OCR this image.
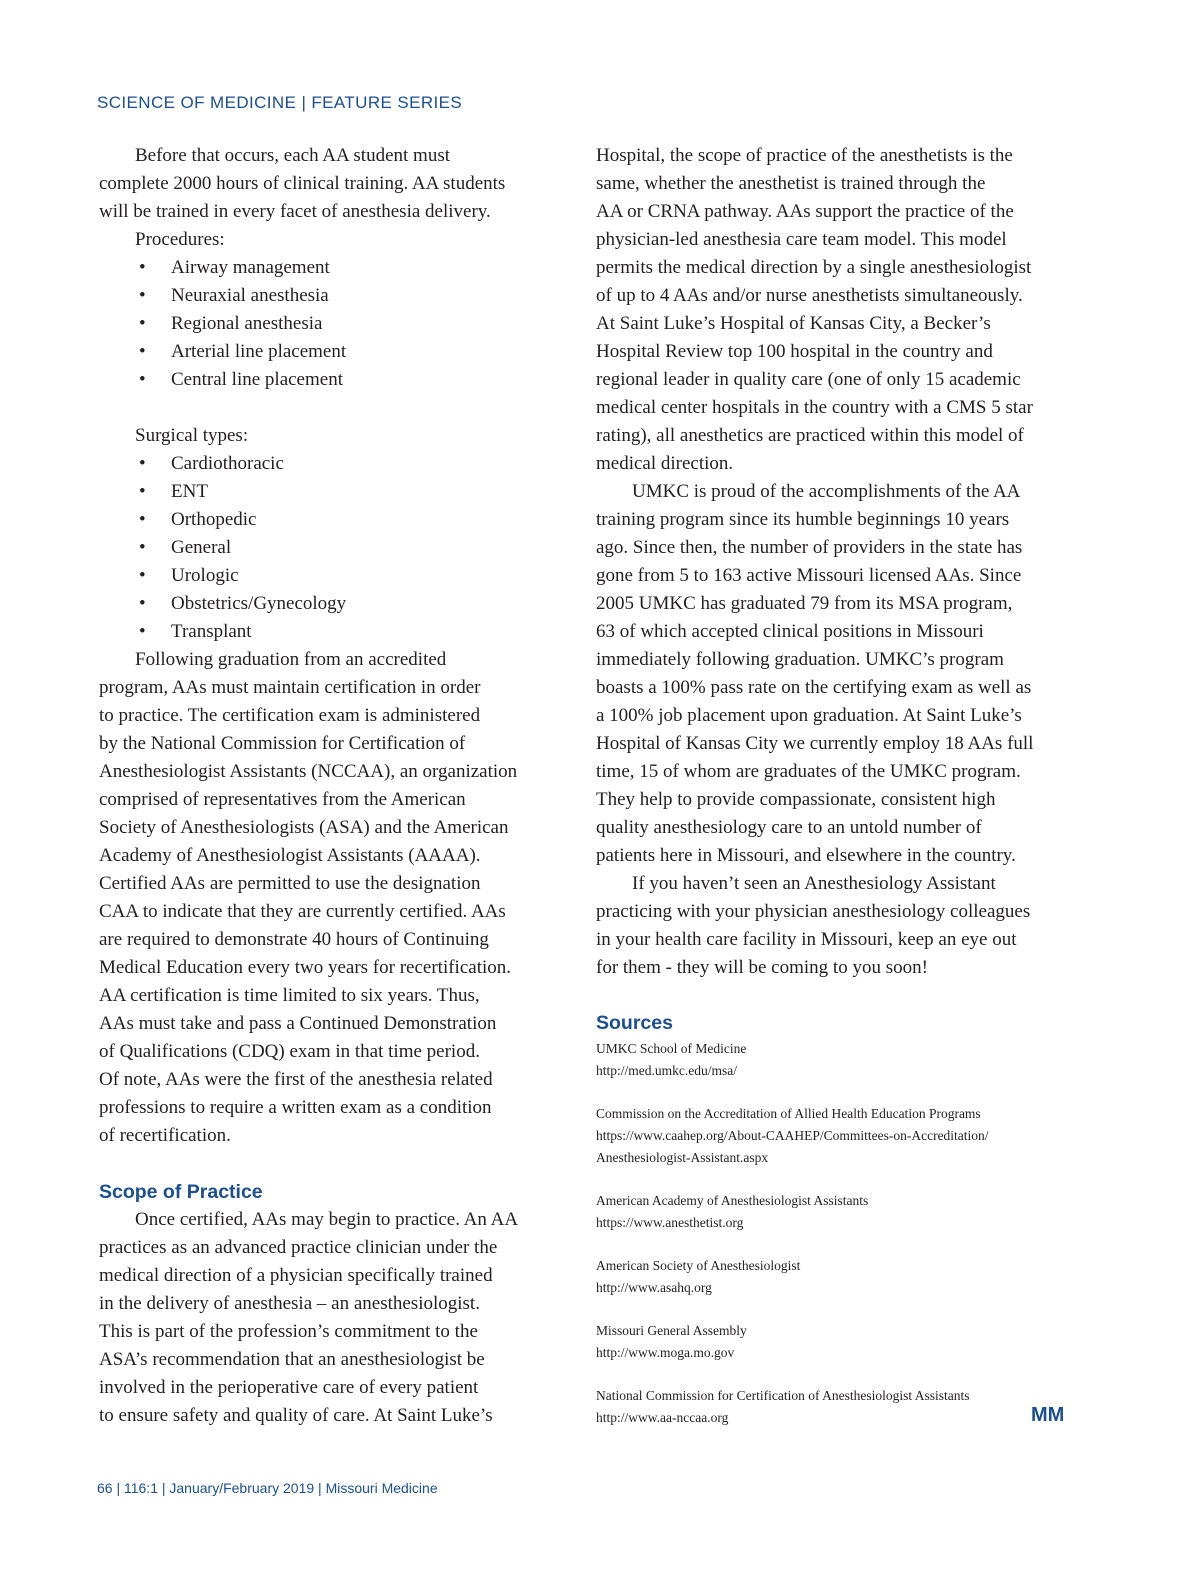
SCIENCE OF MEDICINE | FEATURE SERIES
Before that occurs, each AA student must
complete 2000 hours of clinical training. AA students
will be trained in every facet of anesthesia delivery.
Procedures:
• Airway management
• Neuraxial anesthesia
• Regional anesthesia
• Arterial line placement
• Central line placement
Surgical types:
• Cardiothoracic
• ENT
• Orthopedic
• General
• Urologic
• Obstetrics/Gynecology
• Transplant
Following graduation from an accredited
program, AAs must maintain certification in order
to practice. The certification exam is administered
by the National Commission for Certification of
Anesthesiologist Assistants (NCCAA), an organization
comprised of representatives from the American
Society of Anesthesiologists (ASA) and the American
Academy of Anesthesiologist Assistants (AAAA).
Certified AAs are permitted to use the designation
CAA to indicate that they are currently certified. AAs
are required to demonstrate 40 hours of Continuing
Medical Education every two years for recertification.
AA certification is time limited to six years. Thus,
AAs must take and pass a Continued Demonstration
of Qualifications (CDQ) exam in that time period.
Of note, AAs were the first of the anesthesia related
professions to require a written exam as a condition
of recertification.
Scope of Practice
Once certified, AAs may begin to practice. An AA
practices as an advanced practice clinician under the
medical direction of a physician specifically trained
in the delivery of anesthesia – an anesthesiologist.
This is part of the profession’s commitment to the
ASA’s recommendation that an anesthesiologist be
involved in the perioperative care of every patient
to ensure safety and quality of care. At Saint Luke’s
Hospital, the scope of practice of the anesthetists is the
same, whether the anesthetist is trained through the
AA or CRNA pathway. AAs support the practice of the
physician-led anesthesia care team model. This model
permits the medical direction by a single anesthesiologist
of up to 4 AAs and/or nurse anesthetists simultaneously.
At Saint Luke’s Hospital of Kansas City, a Becker’s
Hospital Review top 100 hospital in the country and
regional leader in quality care (one of only 15 academic
medical center hospitals in the country with a CMS 5 star
rating), all anesthetics are practiced within this model of
medical direction.
UMKC is proud of the accomplishments of the AA
training program since its humble beginnings 10 years
ago. Since then, the number of providers in the state has
gone from 5 to 163 active Missouri licensed AAs. Since
2005 UMKC has graduated 79 from its MSA program,
63 of which accepted clinical positions in Missouri
immediately following graduation. UMKC’s program
boasts a 100% pass rate on the certifying exam as well as
a 100% job placement upon graduation. At Saint Luke’s
Hospital of Kansas City we currently employ 18 AAs full
time, 15 of whom are graduates of the UMKC program.
They help to provide compassionate, consistent high
quality anesthesiology care to an untold number of
patients here in Missouri, and elsewhere in the country.
If you haven’t seen an Anesthesiology Assistant
practicing with your physician anesthesiology colleagues
in your health care facility in Missouri, keep an eye out
for them - they will be coming to you soon!
Sources
UMKC School of Medicine
http://med.umkc.edu/msa/
Commission on the Accreditation of Allied Health Education Programs
https://www.caahep.org/About-CAAHEP/Committees-on-Accreditation/
Anesthesiologist-Assistant.aspx
American Academy of Anesthesiologist Assistants
https://www.anesthetist.org
American Society of Anesthesiologist
http://www.asahq.org
Missouri General Assembly
http://www.moga.mo.gov
National Commission for Certification of Anesthesiologist Assistants
http://www.aa-nccaa.org	MM
66 | 116:1 | January/February 2019 | Missouri Medicine
